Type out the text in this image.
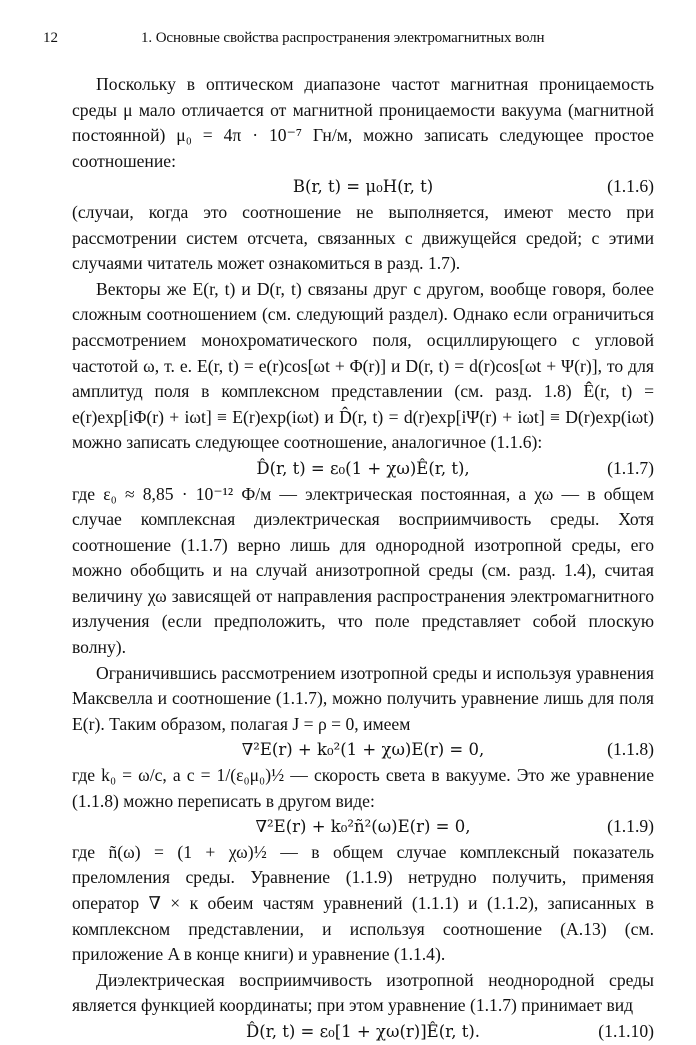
12	1. Основные свойства распространения электромагнитных волн

Поскольку в оптическом диапазоне частот магнитная проницаемость среды μ мало отличается от магнитной проницаемости вакуума (магнитной постоянной) μ₀ = 4π · 10⁻⁷ Гн/м, можно записать следующее простое соотношение:

B(r, t) = μ₀H(r, t)	(1.1.6)

(случаи, когда это соотношение не выполняется, имеют место при рассмотрении систем отсчета, связанных с движущейся средой; с этими случаями читатель может ознакомиться в разд. 1.7).

Векторы же E(r, t) и D(r, t) связаны друг с другом, вообще говоря, более сложным соотношением (см. следующий раздел). Однако если ограничиться рассмотрением монохроматического поля, осциллирующего с угловой частотой ω, т. е. E(r, t) = e(r)cos[ωt + Φ(r)] и D(r, t) = d(r)cos[ωt + Ψ(r)], то для амплитуд поля в комплексном представлении (см. разд. 1.8) Ê(r, t) = e(r)exp[iΦ(r) + iωt] ≡ E(r)exp(iωt) и D̂(r, t) = d(r)exp[iΨ(r) + iωt] ≡ D(r)exp(iωt) можно записать следующее соотношение, аналогичное (1.1.6):

D̂(r, t) = ε₀(1 + χω)Ê(r, t),	(1.1.7)

где ε₀ ≈ 8,85 · 10⁻¹² Ф/м — электрическая постоянная, а χω — в общем случае комплексная диэлектрическая восприимчивость среды. Хотя соотношение (1.1.7) верно лишь для однородной изотропной среды, его можно обобщить и на случай анизотропной среды (см. разд. 1.4), считая величину χω зависящей от направления распространения электромагнитного излучения (если предположить, что поле представляет собой плоскую волну).

Ограничившись рассмотрением изотропной среды и используя уравнения Максвелла и соотношение (1.1.7), можно получить уравнение лишь для поля E(r). Таким образом, полагая J = ρ = 0, имеем

∇²E(r) + k₀²(1 + χω)E(r) = 0,	(1.1.8)

где k₀ = ω/c, а c = 1/(ε₀μ₀)½ — скорость света в вакууме. Это же уравнение (1.1.8) можно переписать в другом виде:

∇²E(r) + k₀²ñ²(ω)E(r) = 0,	(1.1.9)

где ñ(ω) = (1 + χω)½ — в общем случае комплексный показатель преломления среды. Уравнение (1.1.9) нетрудно получить, применяя оператор ∇ × к обеим частям уравнений (1.1.1) и (1.1.2), записанных в комплексном представлении, и используя соотношение (A.13) (см. приложение A в конце книги) и уравнение (1.1.4).

Диэлектрическая восприимчивость изотропной неоднородной среды является функцией координаты; при этом уравнение (1.1.7) принимает вид

D̂(r, t) = ε₀[1 + χω(r)]Ê(r, t).	(1.1.10)
